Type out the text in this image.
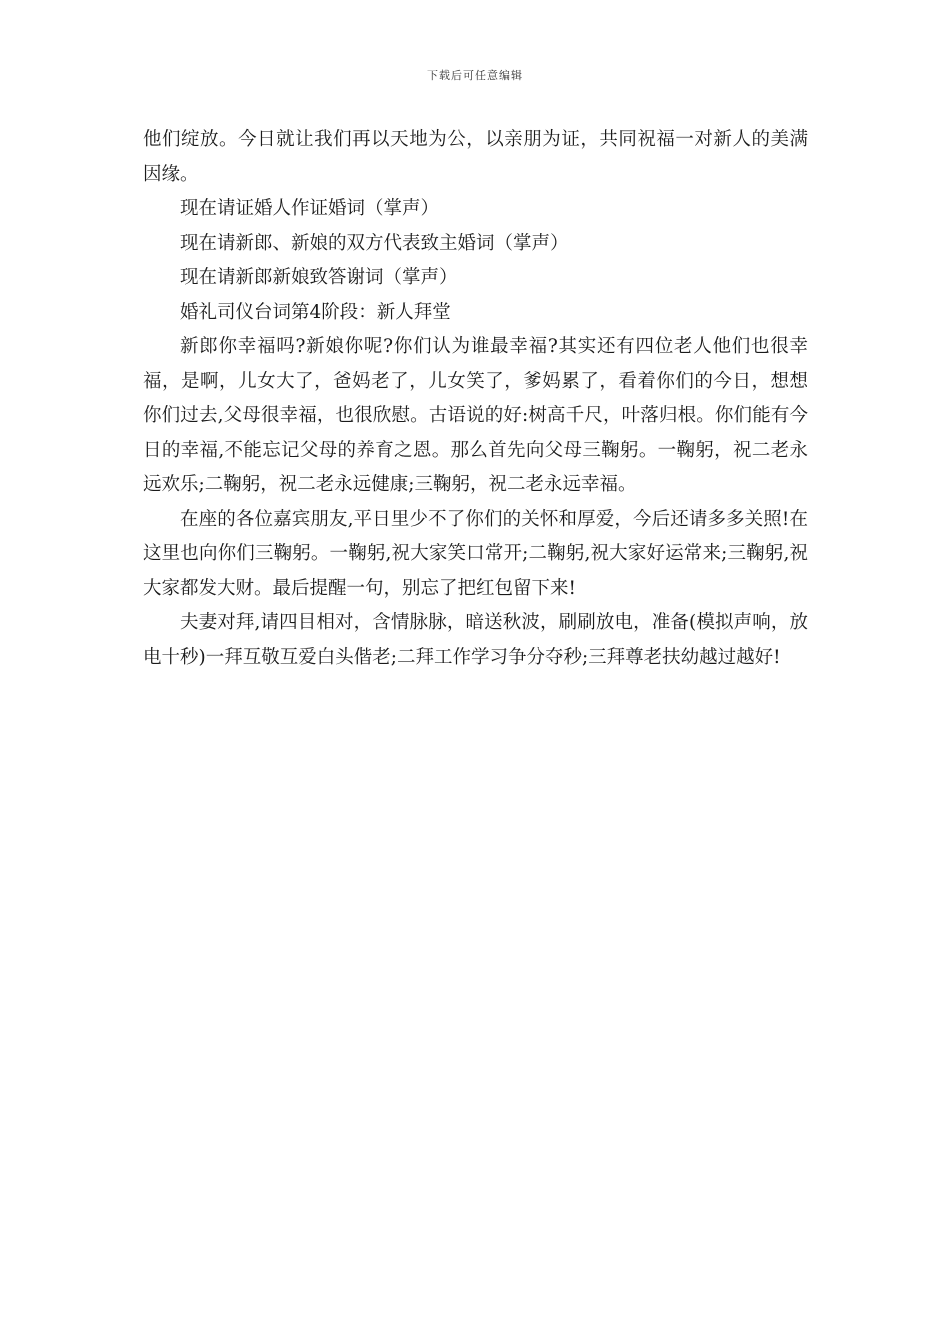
下载后可任意编辑

他们绽放。今日就让我们再以天地为公，以亲朋为证，共同祝福一对新人的美满因缘。

现在请证婚人作证婚词（掌声）

现在请新郎、新娘的双方代表致主婚词（掌声）

现在请新郎新娘致答谢词（掌声）

婚礼司仪台词第4阶段：新人拜堂

新郎你幸福吗?新娘你呢?你们认为谁最幸福?其实还有四位老人他们也很幸福，是啊，儿女大了，爸妈老了，儿女笑了，爹妈累了，看着你们的今日，想想你们过去,父母很幸福，也很欣慰。古语说的好:树高千尺，叶落归根。你们能有今日的幸福,不能忘记父母的养育之恩。那么首先向父母三鞠躬。一鞠躬，祝二老永远欢乐;二鞠躬，祝二老永远健康;三鞠躬，祝二老永远幸福。

在座的各位嘉宾朋友,平日里少不了你们的关怀和厚爱，今后还请多多关照!在这里也向你们三鞠躬。一鞠躬,祝大家笑口常开;二鞠躬,祝大家好运常来;三鞠躬,祝大家都发大财。最后提醒一句，别忘了把红包留下来!

夫妻对拜,请四目相对，含情脉脉，暗送秋波，刷刷放电，准备(模拟声响，放电十秒)一拜互敬互爱白头偕老;二拜工作学习争分夺秒;三拜尊老扶幼越过越好!
